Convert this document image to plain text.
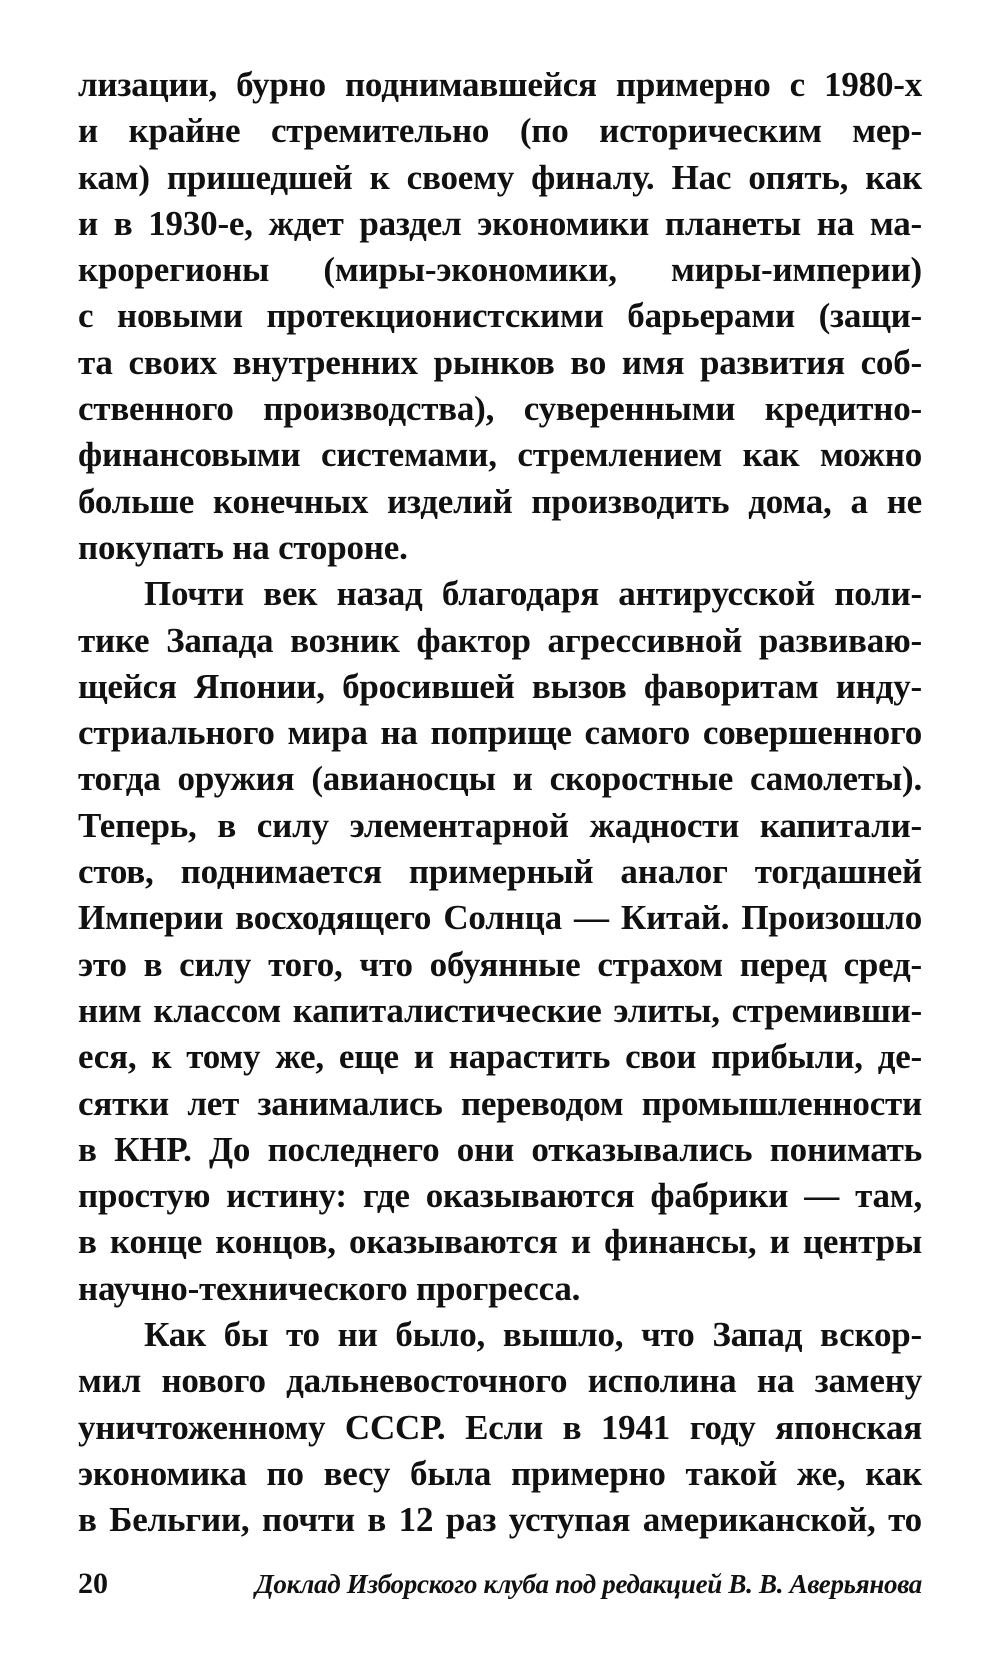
лизации, бурно поднимавшейся примерно с 1980-х
и крайне стремительно (по историческим мер-
кам) пришедшей к своему финалу. Нас опять, как
и в 1930-е, ждет раздел экономики планеты на ма-
крорегионы (миры-экономики, миры-империи)
с новыми протекционистскими барьерами (защи-
та своих внутренних рынков во имя развития соб-
ственного производства), суверенными кредитно-
финансовыми системами, стремлением как можно
больше конечных изделий производить дома, а не
покупать на стороне.

Почти век назад благодаря антирусской поли-
тике Запада возник фактор агрессивной развиваю-
щейся Японии, бросившей вызов фаворитам инду-
стриального мира на поприще самого совершенного
тогда оружия (авианосцы и скоростные самолеты).
Теперь, в силу элементарной жадности капитали-
стов, поднимается примерный аналог тогдашней
Империи восходящего Солнца — Китай. Произошло
это в силу того, что обуянные страхом перед сред-
ним классом капиталистические элиты, стремивши-
еся, к тому же, еще и нарастить свои прибыли, де-
сятки лет занимались переводом промышленности
в КНР. До последнего они отказывались понимать
простую истину: где оказываются фабрики — там,
в конце концов, оказываются и финансы, и центры
научно-технического прогресса.

Как бы то ни было, вышло, что Запад вскор-
мил нового дальневосточного исполина на замену
уничтоженному СССР. Если в 1941 году японская
экономика по весу была примерно такой же, как
в Бельгии, почти в 12 раз уступая американской, то

20	Доклад Изборского клуба под редакцией В. В. Аверьянова
